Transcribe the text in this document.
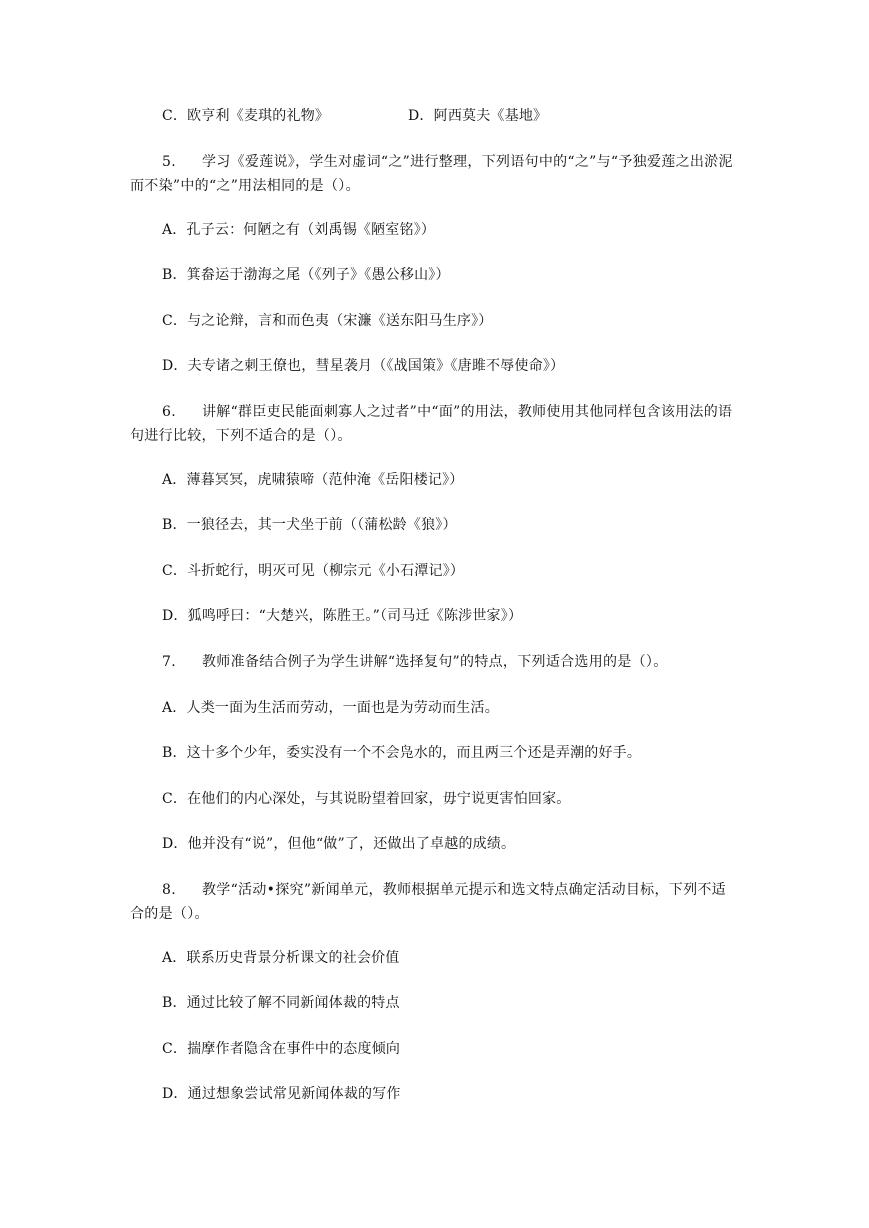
C．欧亨利《麦琪的礼物》	D．阿西莫夫《基地》
5. 学习《爱莲说》，学生对虚词“之”进行整理，下列语句中的“之”与“予独爱莲之出淤泥而不染”中的“之”用法相同的是（）。
A．孔子云：何陋之有（刘禹锡《陋室铭》）
B．箕畚运于渤海之尾（《列子》《愚公移山》）
C．与之论辩，言和而色夷（宋濂《送东阳马生序》）
D．夫专诸之刺王僚也，彗星袭月（《战国策》《唐雎不辱使命》）
6. 讲解“群臣吏民能面刺寡人之过者”中“面”的用法，教师使用其他同样包含该用法的语句进行比较，下列不适合的是（）。
A．薄暮冥冥，虎啸猿啼（范仲淹《岳阳楼记》）
B．一狼径去，其一犬坐于前（（蒲松龄《狼》）
C．斗折蛇行，明灭可见（柳宗元《小石潭记》）
D．狐鸣呼曰：“大楚兴，陈胜王。”（司马迁《陈涉世家》）
7. 教师准备结合例子为学生讲解“选择复句”的特点，下列适合选用的是（）。
A．人类一面为生活而劳动，一面也是为劳动而生活。
B．这十多个少年，委实没有一个不会凫水的，而且两三个还是弄潮的好手。
C．在他们的内心深处，与其说盼望着回家，毋宁说更害怕回家。
D．他并没有“说”，但他“做”了，还做出了卓越的成绩。
8. 教学“活动•探究”新闻单元，教师根据单元提示和选文特点确定活动目标，下列不适合的是（）。
A．联系历史背景分析课文的社会价值
B．通过比较了解不同新闻体裁的特点
C．揣摩作者隐含在事件中的态度倾向
D．通过想象尝试常见新闻体裁的写作
